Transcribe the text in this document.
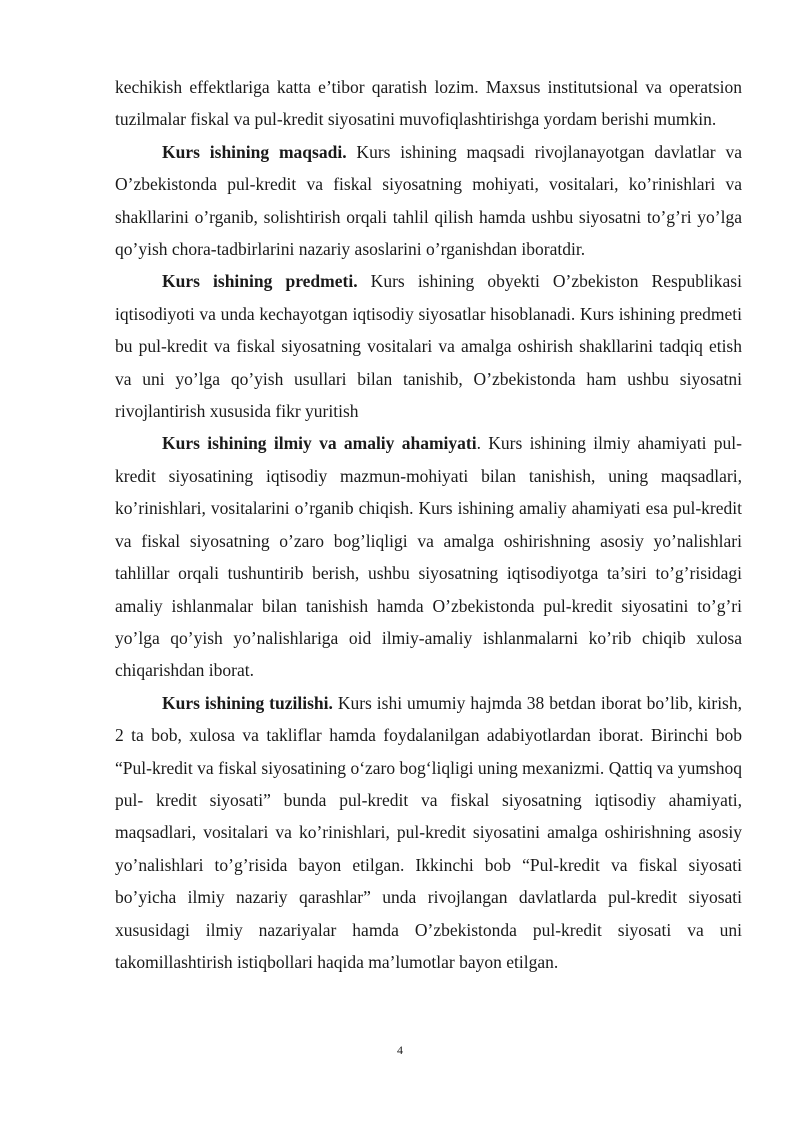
kechikish effektlariga katta e’tibor qaratish lozim. Maxsus institutsional va operatsion tuzilmalar fiskal va pul-kredit siyosatini muvofiqlashtirishga yordam berishi mumkin.

Kurs ishining maqsadi. Kurs ishining maqsadi rivojlanayotgan davlatlar va O’zbekistonda pul-kredit va fiskal siyosatning mohiyati, vositalari, ko’rinishlari va shakllarini o’rganib, solishtirish orqali tahlil qilish hamda ushbu siyosatni to’g’ri yo’lga qo’yish chora-tadbirlarini nazariy asoslarini o’rganishdan iboratdir.

Kurs ishining predmeti. Kurs ishining obyekti O’zbekiston Respublikasi iqtisodiyoti va unda kechayotgan iqtisodiy siyosatlar hisoblanadi. Kurs ishining predmeti bu pul-kredit va fiskal siyosatning vositalari va amalga oshirish shakllarini tadqiq etish va uni yo’lga qo’yish usullari bilan tanishib, O’zbekistonda ham ushbu siyosatni rivojlantirish xususida fikr yuritish

Kurs ishining ilmiy va amaliy ahamiyati. Kurs ishining ilmiy ahamiyati pul-kredit siyosatining iqtisodiy mazmun-mohiyati bilan tanishish, uning maqsadlari, ko’rinishlari, vositalarini o’rganib chiqish. Kurs ishining amaliy ahamiyati esa pul-kredit va fiskal siyosatning o’zaro bog’liqligi va amalga oshirishning asosiy yo’nalishlari tahlillar orqali tushuntirib berish, ushbu siyosatning iqtisodiyotga ta’siri to’g’risidagi amaliy ishlanmalar bilan tanishish hamda O’zbekistonda pul-kredit siyosatini to’g’ri yo’lga qo’yish yo’nalishlariga oid ilmiy-amaliy ishlanmalarni ko’rib chiqib xulosa chiqarishdan iborat.

Kurs ishining tuzilishi. Kurs ishi umumiy hajmda 38 betdan iborat bo’lib, kirish, 2 ta bob, xulosa va takliflar hamda foydalanilgan adabiyotlardan iborat. Birinchi bob “Pul-kredit va fiskal siyosatining o‘zaro bog‘liqligi uning mexanizmi. Qattiq va yumshoq pul- kredit siyosati” bunda pul-kredit va fiskal siyosatning iqtisodiy ahamiyati, maqsadlari, vositalari va ko’rinishlari, pul-kredit siyosatini amalga oshirishning asosiy yo’nalishlari to’g’risida bayon etilgan. Ikkinchi bob “Pul-kredit va fiskal siyosati bo’yicha ilmiy nazariy qarashlar” unda rivojlangan davlatlarda pul-kredit siyosati xususidagi ilmiy nazariyalar hamda O’zbekistonda pul-kredit siyosati va uni takomillashtirish istiqbollari haqida ma’lumotlar bayon etilgan.

4
